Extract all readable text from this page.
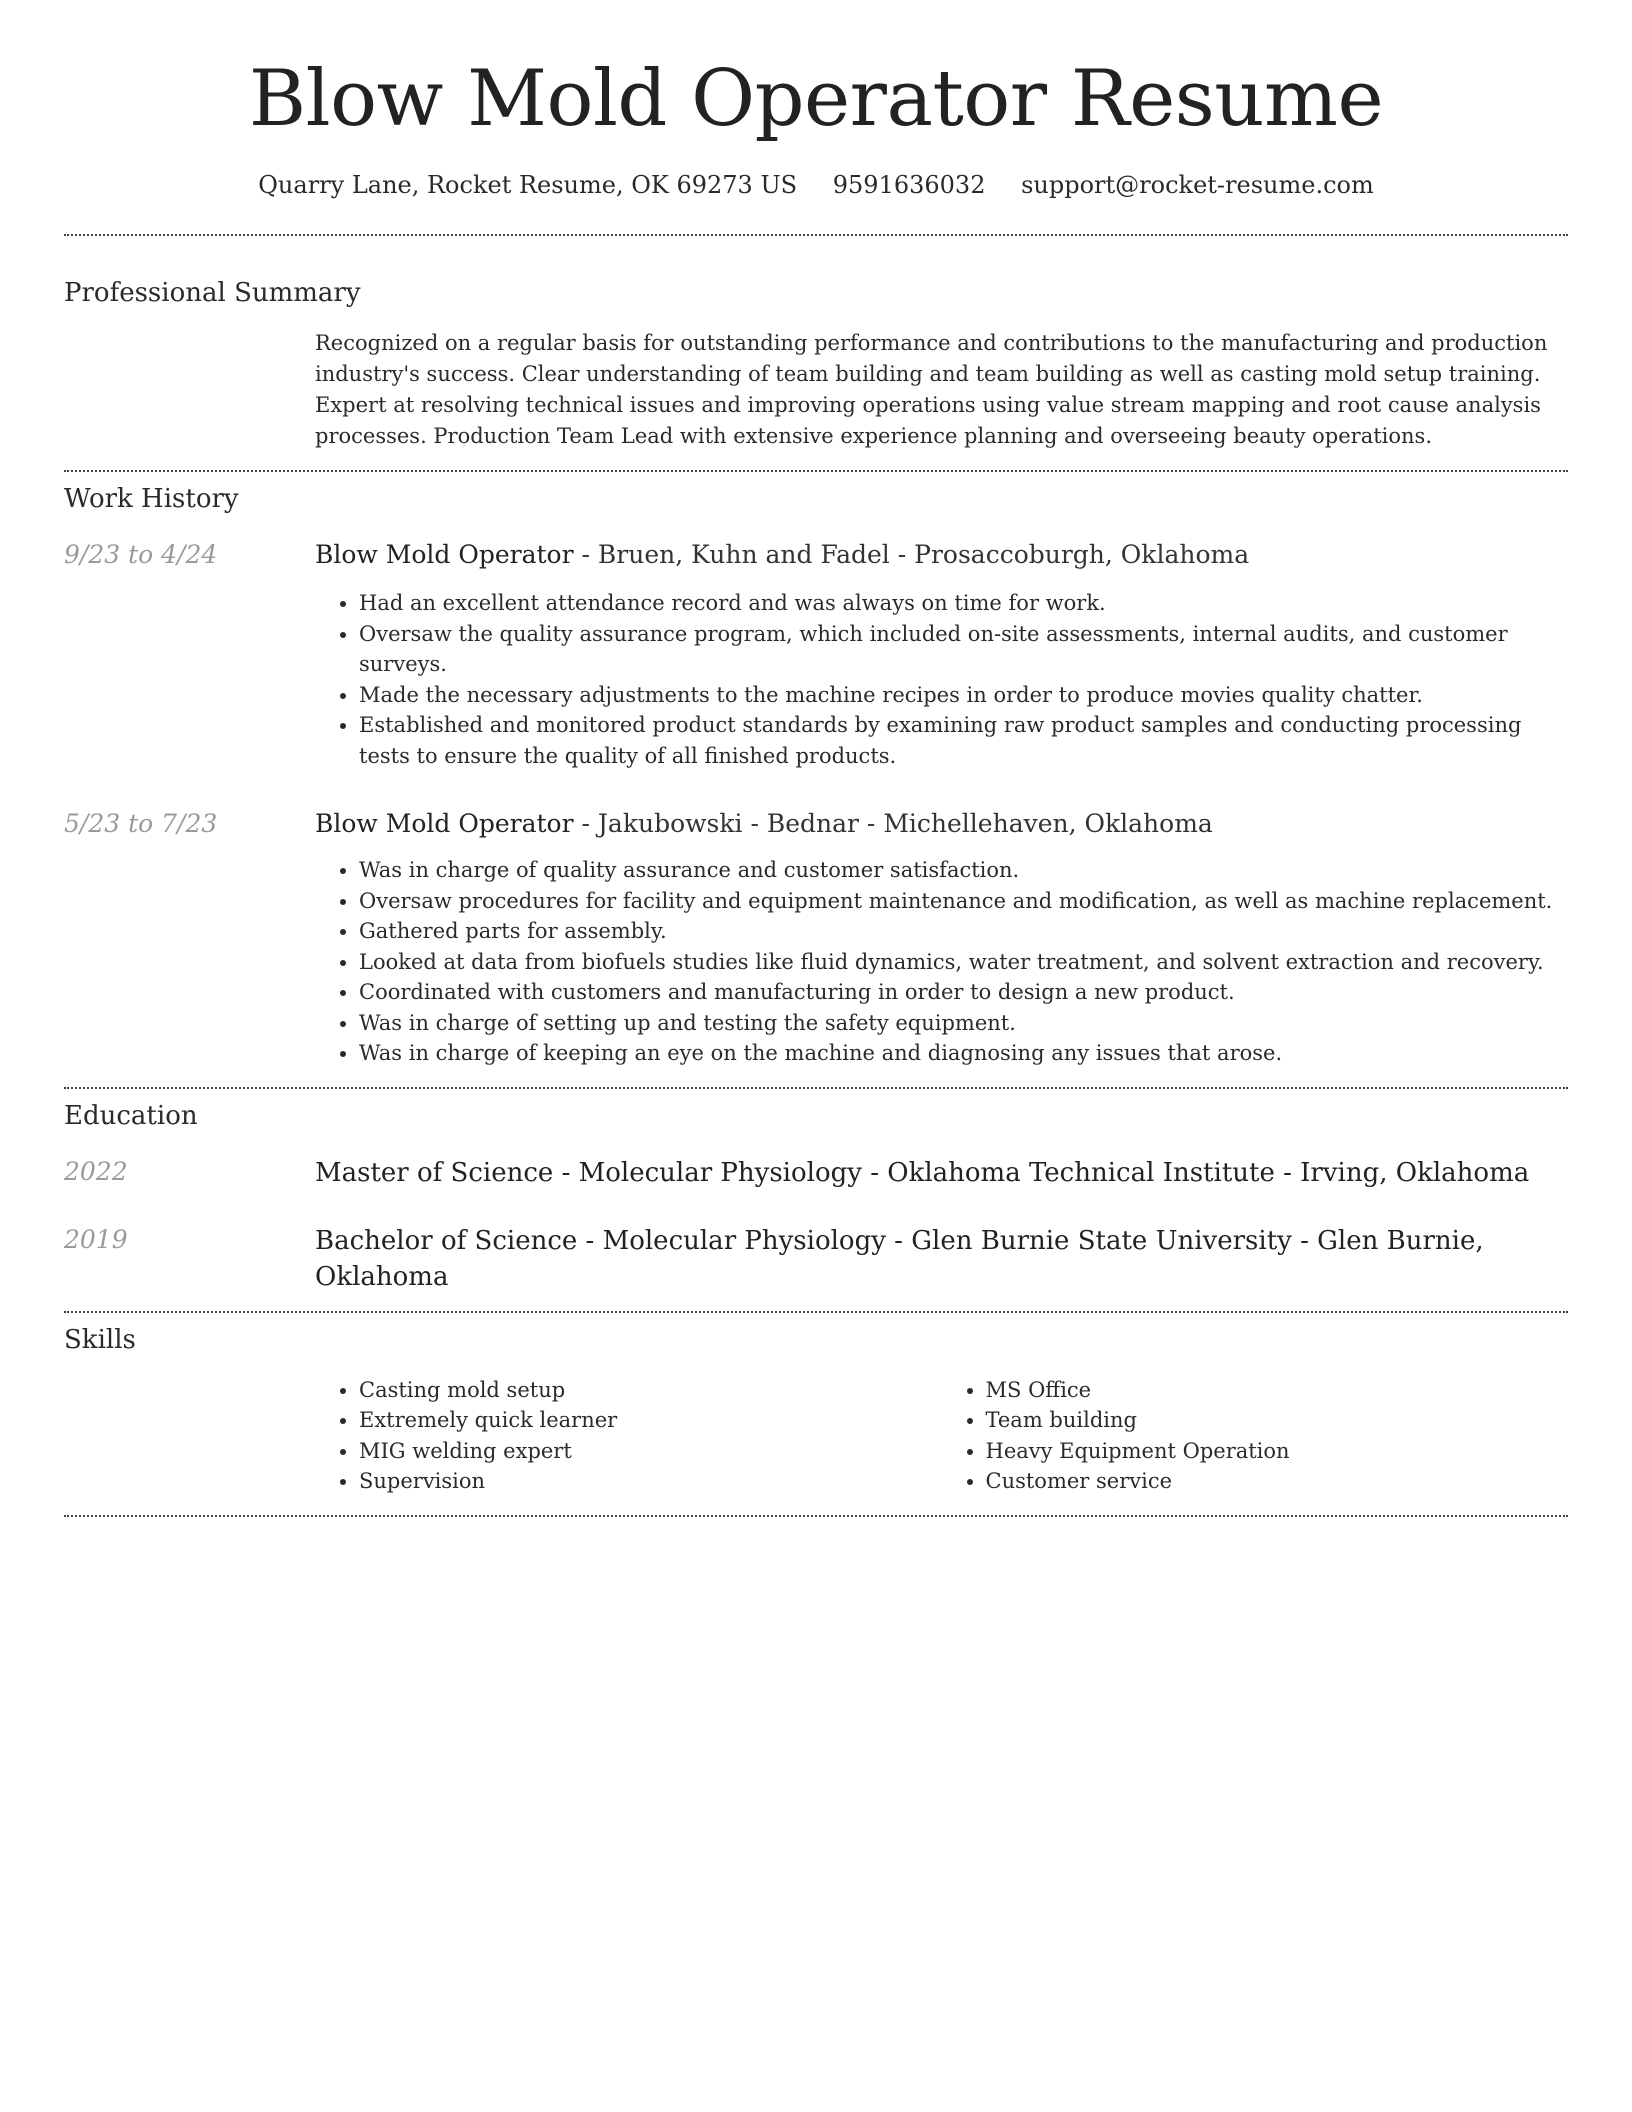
Blow Mold Operator Resume
Quarry Lane, Rocket Resume, OK 69273 US 9591636032 support@rocket-resume.com
Professional Summary
Recognized on a regular basis for outstanding performance and contributions to the manufacturing and production industry's success. Clear understanding of team building and team building as well as casting mold setup training. Expert at resolving technical issues and improving operations using value stream mapping and root cause analysis processes. Production Team Lead with extensive experience planning and overseeing beauty operations.
Work History
9/23 to 4/24	Blow Mold Operator - Bruen, Kuhn and Fadel - Prosaccoburgh, Oklahoma
• Had an excellent attendance record and was always on time for work.
• Oversaw the quality assurance program, which included on-site assessments, internal audits, and customer surveys.
• Made the necessary adjustments to the machine recipes in order to produce movies quality chatter.
• Established and monitored product standards by examining raw product samples and conducting processing tests to ensure the quality of all finished products.
5/23 to 7/23	Blow Mold Operator - Jakubowski - Bednar - Michellehaven, Oklahoma
• Was in charge of quality assurance and customer satisfaction.
• Oversaw procedures for facility and equipment maintenance and modification, as well as machine replacement.
• Gathered parts for assembly.
• Looked at data from biofuels studies like fluid dynamics, water treatment, and solvent extraction and recovery.
• Coordinated with customers and manufacturing in order to design a new product.
• Was in charge of setting up and testing the safety equipment.
• Was in charge of keeping an eye on the machine and diagnosing any issues that arose.
Education
2022	Master of Science - Molecular Physiology - Oklahoma Technical Institute - Irving, Oklahoma
2019	Bachelor of Science - Molecular Physiology - Glen Burnie State University - Glen Burnie, Oklahoma
Skills
• Casting mold setup
• Extremely quick learner
• MIG welding expert
• Supervision
• MS Office
• Team building
• Heavy Equipment Operation
• Customer service
